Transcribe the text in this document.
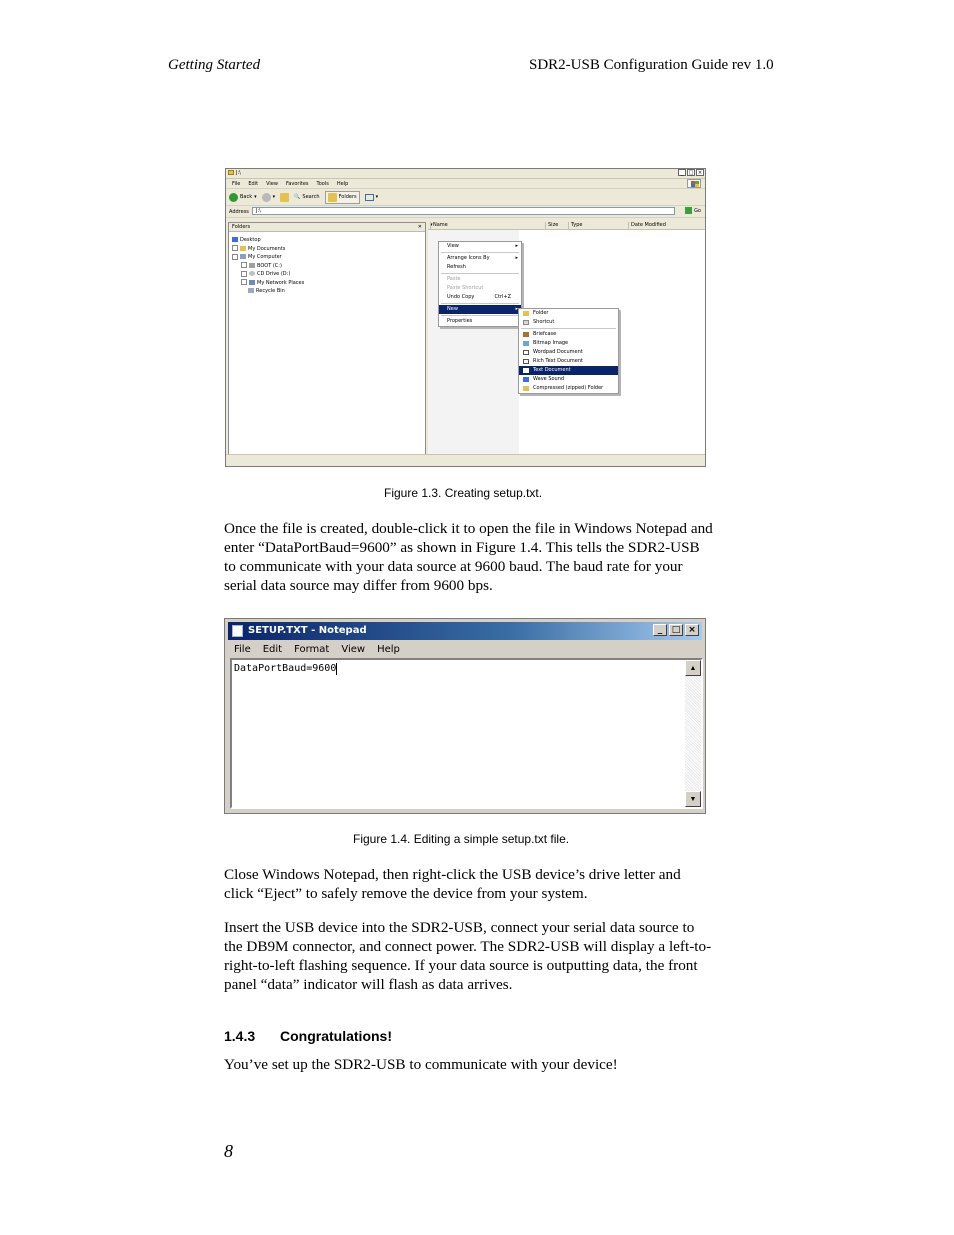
Getting Started	SDR2-USB Configuration Guide rev 1.0
J:\	_	□ ×
File Edit View Favorites Tools Help
Back ▾	▾	🔍 Search	Folders	▾
Address	J:\	Go
Folders	✕
Desktop
My Documents
My Computer
BOOT (C:)
CD Drive (D:)
My Network Places
Recycle Bin
Name
▾	Size	Type	Date Modified
View	▸
Arrange Icons By	▸
Refresh
Paste
Paste Shortcut
Undo Copy	Ctrl+Z
New	▸
Properties
Folder
Shortcut
Briefcase
Bitmap Image
Wordpad Document
Rich Text Document
Text Document
Wave Sound
Compressed (zipped) Folder
Figure 1.3. Creating setup.txt.

Once the file is created, double-click it to open the file in Windows Notepad and enter “DataPortBaud=9600” as shown in Figure 1.4. This tells the SDR2-USB to communicate with your data source at 9600 baud. The baud rate for your serial data source may differ from 9600 bps.

SETUP.TXT - Notepad	_	□ ×
File	Edit	Format	View	Help
DataPortBaud=9600	▲
▼
Figure 1.4. Editing a simple setup.txt file.

Close Windows Notepad, then right-click the USB device’s drive letter and click “Eject” to safely remove the device from your system.

Insert the USB device into the SDR2-USB, connect your serial data source to the DB9M connector, and connect power. The SDR2-USB will display a left-to-right-to-left flashing sequence. If your data source is outputting data, the front panel “data” indicator will flash as data arrives.

1.4.3 Congratulations!

You’ve set up the SDR2-USB to communicate with your device!

8
